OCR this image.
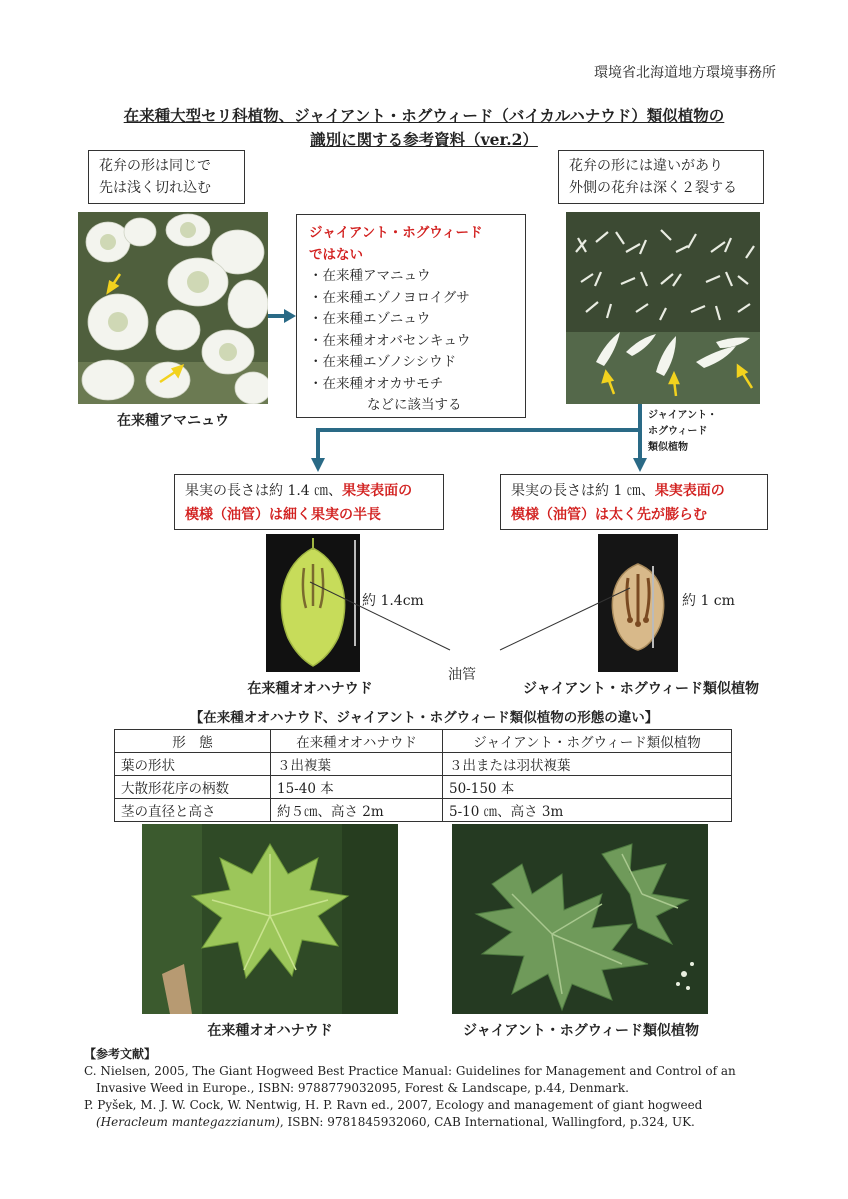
環境省北海道地方環境事務所
在来種大型セリ科植物、ジャイアント・ホグウィード（バイカルハナウド）類似植物の
識別に関する参考資料（ver.2）
花弁の形は同じで
先は浅く切れ込む
花弁の形には違いがあり
外側の花弁は深く２裂する
在来種アマニュウ
ジャイアント・ホグウィード
ではない
・ 在来種アマニュウ
・ 在来種エゾノヨロイグサ
・ 在来種エゾニュウ
・ 在来種オオバセンキュウ
・ 在来種エゾノシシウド
・ 在来種オオカサモチ
などに該当する
ジャイアント・
ホグウィード
類似植物
果実の長さは約 1.4 ㎝、果実表面の
模様（油管）は細く果実の半長
果実の長さは約 1 ㎝、果実表面の
模様（油管）は太く先が膨らむ
約 1.4cm	約 1 cm
油管
在来種オオハナウド	ジャイアント・ホグウィード類似植物
【在来種オオハナウド、ジャイアント・ホグウィード類似植物の形態の違い】
形　態	在来種オオハナウド	ジャイアント・ホグウィード類似植物
葉の形状	３出複葉	３出または羽状複葉
大散形花序の柄数	15-40 本	50-150 本
茎の直径と高さ	約５㎝、高さ 2m	5-10 ㎝、高さ 3m
在来種オオハナウド	ジャイアント・ホグウィード類似植物
【参考文献】
C. Nielsen, 2005, The Giant Hogweed Best Practice Manual: Guidelines for Management and Control of an Invasive Weed in Europe., ISBN: 9788779032095, Forest & Landscape, p.44, Denmark.
P. Pyšek, M. J. W. Cock, W. Nentwig, H. P. Ravn ed., 2007, Ecology and management of giant hogweed (Heracleum mantegazzianum), ISBN: 9781845932060, CAB International, Wallingford, p.324, UK.
